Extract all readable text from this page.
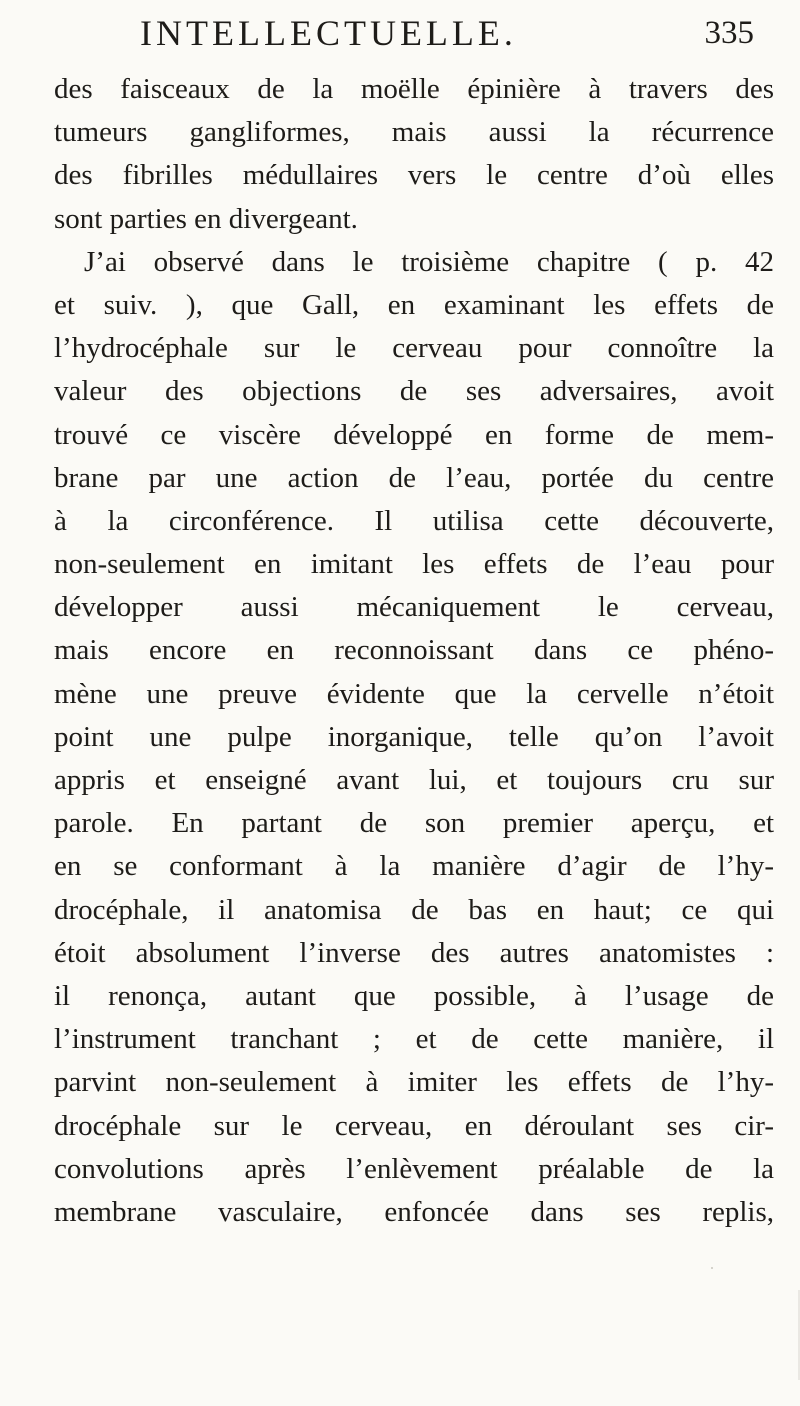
INTELLECTUELLE.	335
des faisceaux de la moëlle épinière à travers des
tumeurs gangliformes, mais aussi la récurrence
des fibrilles médullaires vers le centre d’où elles
sont parties en divergeant.
J’ai observé dans le troisième chapitre ( p. 42
et suiv. ), que Gall, en examinant les effets de
l’hydrocéphale sur le cerveau pour connoître la
valeur des objections de ses adversaires, avoit
trouvé ce viscère développé en forme de mem-
brane par une action de l’eau, portée du centre
à la circonférence. Il utilisa cette découverte,
non-seulement en imitant les effets de l’eau pour
développer aussi mécaniquement le cerveau,
mais encore en reconnoissant dans ce phéno-
mène une preuve évidente que la cervelle n’étoit
point une pulpe inorganique, telle qu’on l’avoit
appris et enseigné avant lui, et toujours cru sur
parole. En partant de son premier aperçu, et
en se conformant à la manière d’agir de l’hy-
drocéphale, il anatomisa de bas en haut; ce qui
étoit absolument l’inverse des autres anatomistes :
il renonça, autant que possible, à l’usage de
l’instrument tranchant ; et de cette manière, il
parvint non-seulement à imiter les effets de l’hy-
drocéphale sur le cerveau, en déroulant ses cir-
convolutions après l’enlèvement préalable de la
membrane vasculaire, enfoncée dans ses replis,
